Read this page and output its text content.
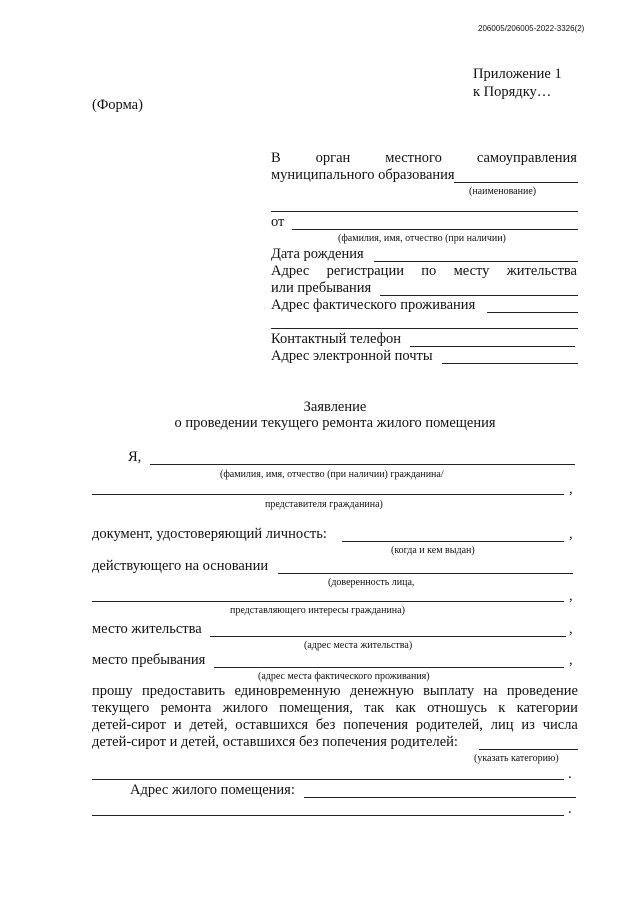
206005/206005-2022-3326(2)
Приложение 1
к Порядку…
(Форма)
В орган местного самоуправления
муниципального образования
(наименование)
от
(фамилия, имя, отчество (при наличии)
Дата рождения
Адрес регистрации по месту жительства
или пребывания
Адрес фактического проживания
Контактный телефон
Адрес электронной почты
Заявление
о проведении текущего ремонта жилого помещения
Я,
(фамилия, имя, отчество (при наличии) гражданина/
,
представителя гражданина)
документ, удостоверяющий личность:	,
(когда и кем выдан)
действующего на основании
(доверенность лица,
,
представляющего интересы гражданина)
место жительства	,
(адрес места жительства)
место пребывания	,
(адрес места фактического проживания)
прошу предоставить единовременную денежную выплату на проведение
текущего ремонта жилого помещения, так как отношусь к категории
детей-сирот и детей, оставшихся без попечения родителей, лиц из числа
детей-сирот и детей, оставшихся без попечения родителей:
(указать категорию)
.
Адрес жилого помещения:
.
